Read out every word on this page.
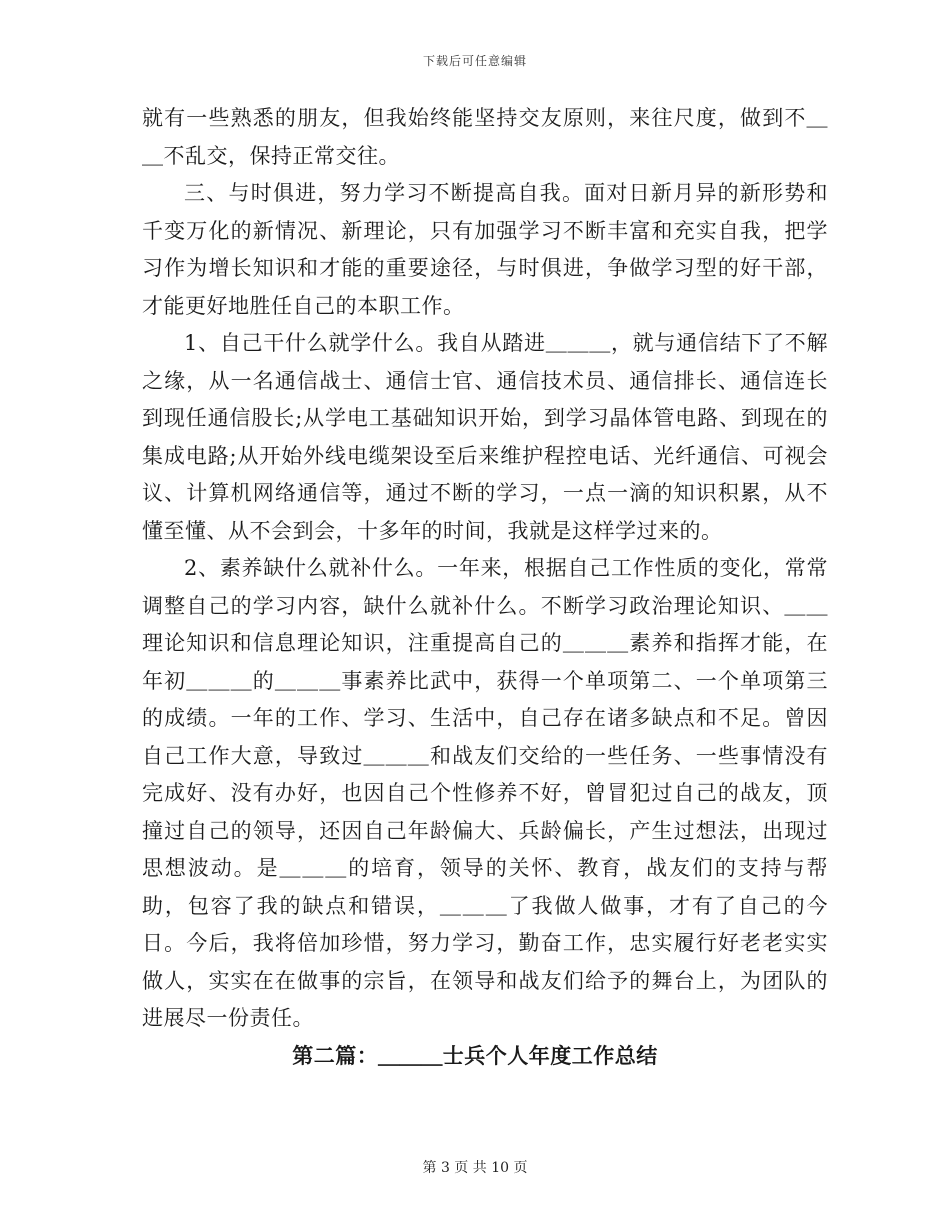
下载后可任意编辑

就有一些熟悉的朋友，但我始终能坚持交友原则，来往尺度，做到不＿＿不乱交，保持正常交往。

三、与时俱进，努力学习不断提高自我。面对日新月异的新形势和千变万化的新情况、新理论，只有加强学习不断丰富和充实自我，把学习作为增长知识和才能的重要途径，与时俱进，争做学习型的好干部，才能更好地胜任自己的本职工作。

1、自己干什么就学什么。我自从踏进＿＿＿，就与通信结下了不解之缘，从一名通信战士、通信士官、通信技术员、通信排长、通信连长到现任通信股长;从学电工基础知识开始，到学习晶体管电路、到现在的集成电路;从开始外线电缆架设至后来维护程控电话、光纤通信、可视会议、计算机网络通信等，通过不断的学习，一点一滴的知识积累，从不懂至懂、从不会到会，十多年的时间，我就是这样学过来的。

2、素养缺什么就补什么。一年来，根据自己工作性质的变化，常常调整自己的学习内容，缺什么就补什么。不断学习政治理论知识、＿＿理论知识和信息理论知识，注重提高自己的＿＿＿素养和指挥才能，在年初＿＿＿的＿＿＿事素养比武中，获得一个单项第二、一个单项第三的成绩。一年的工作、学习、生活中，自己存在诸多缺点和不足。曾因自己工作大意，导致过＿＿＿和战友们交给的一些任务、一些事情没有完成好、没有办好，也因自己个性修养不好，曾冒犯过自己的战友，顶撞过自己的领导，还因自己年龄偏大、兵龄偏长，产生过想法，出现过思想波动。是＿＿＿的培育，领导的关怀、教育，战友们的支持与帮助，包容了我的缺点和错误，＿＿＿了我做人做事，才有了自己的今日。今后，我将倍加珍惜，努力学习，勤奋工作，忠实履行好老老实实做人，实实在在做事的宗旨，在领导和战友们给予的舞台上，为团队的进展尽一份责任。

第二篇：＿＿＿士兵个人年度工作总结
第 3 页 共 10 页
